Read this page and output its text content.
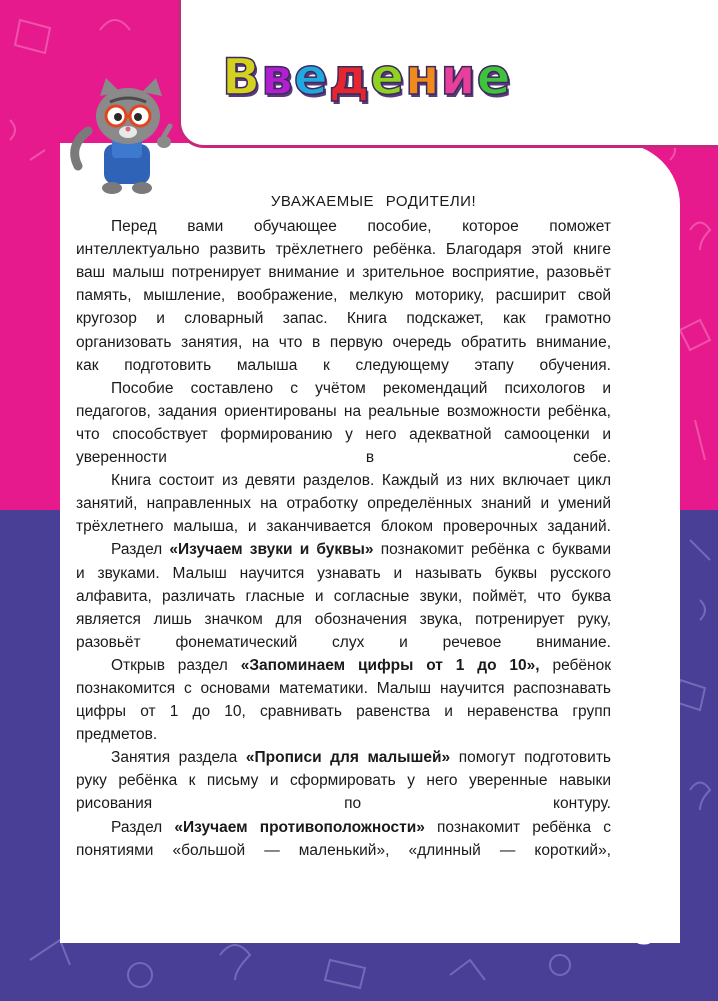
Введение

УВАЖАЕМЫЕ РОДИТЕЛИ!

Перед вами обучающее пособие, которое поможет интеллектуально развить трёхлетнего ребёнка. Благодаря этой книге ваш малыш потренирует внимание и зрительное восприятие, разовьёт память, мышление, воображение, мелкую моторику, расширит свой кругозор и словарный запас. Книга подскажет, как грамотно организовать занятия, на что в первую очередь обратить внимание, как подготовить малыша к следующему этапу обучения.

Пособие составлено с учётом рекомендаций психологов и педагогов, задания ориентированы на реальные возможности ребёнка, что способствует формированию у него адекватной самооценки и уверенности в себе.

Книга состоит из девяти разделов. Каждый из них включает цикл занятий, направленных на отработку определённых знаний и умений трёхлетнего малыша, и заканчивается блоком проверочных заданий.

Раздел «Изучаем звуки и буквы» познакомит ребёнка с буквами и звуками. Малыш научится узнавать и называть буквы русского алфавита, различать гласные и согласные звуки, поймёт, что буква является лишь значком для обозначения звука, потренирует руку, разовьёт фонематический слух и речевое внимание.

Открыв раздел «Запоминаем цифры от 1 до 10», ребёнок познакомится с основами математики. Малыш научится распознавать цифры от 1 до 10, сравнивать равенства и неравенства групп предметов.

Занятия раздела «Прописи для малышей» помогут подготовить руку ребёнка к письму и сформировать у него уверенные навыки рисования по контуру.

Раздел «Изучаем противоположности» познакомит ребёнка с понятиями «большой — маленький», «длинный — короткий»,

3
